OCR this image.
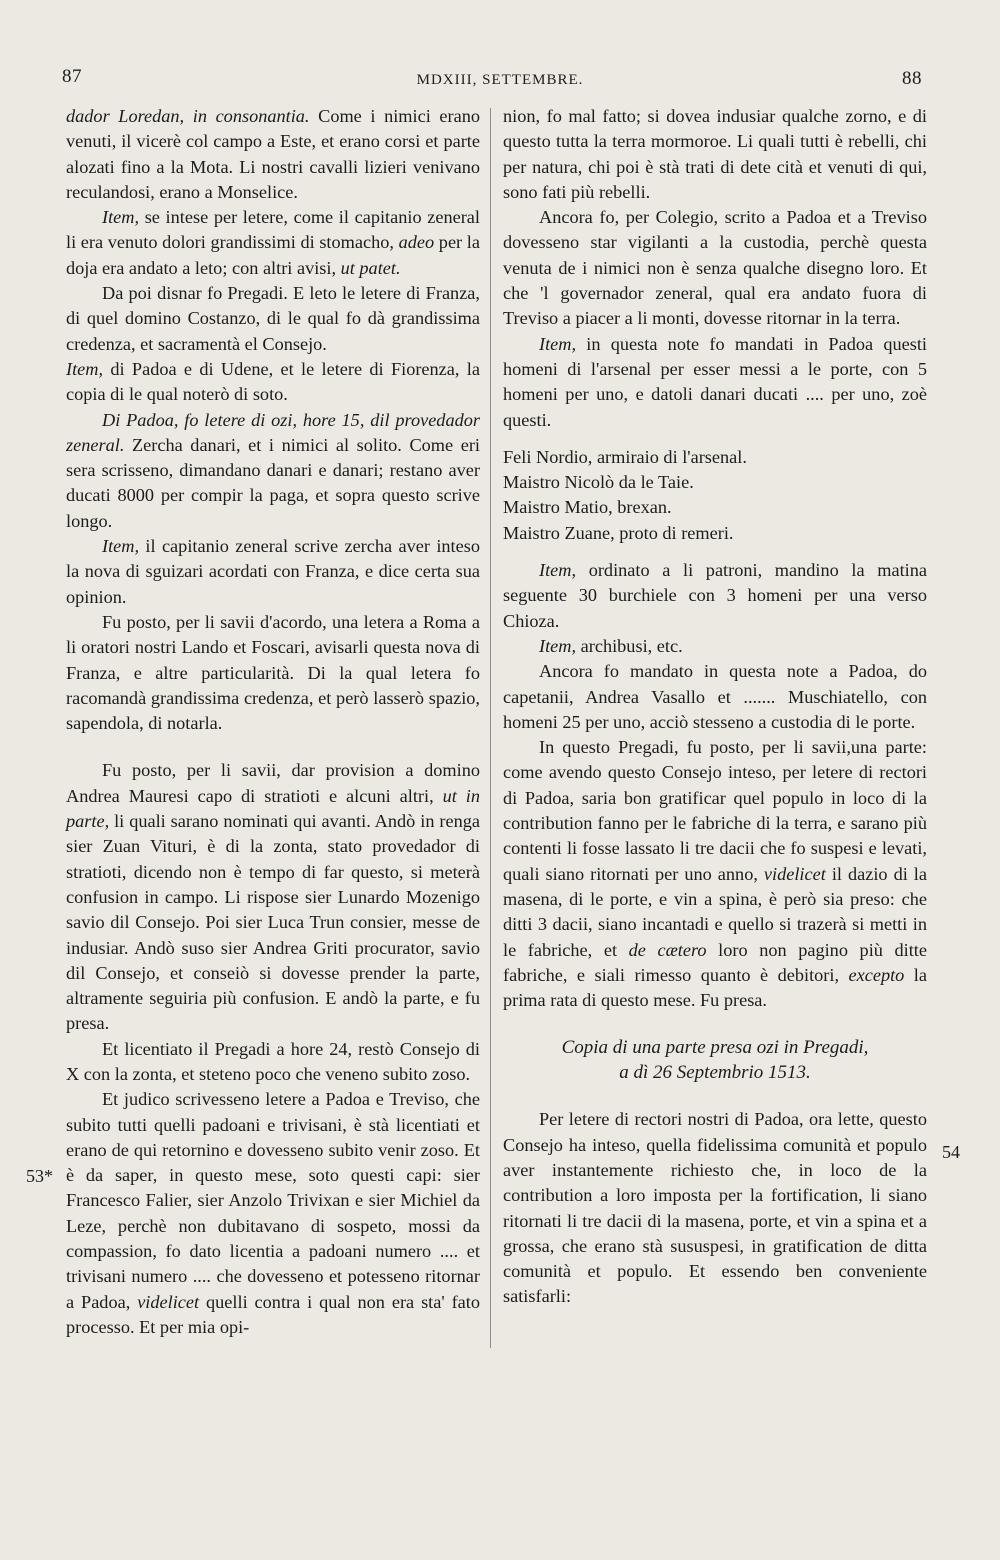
87	MDXIII, SETTEMBRE.	88
53*
54

dador Loredan, in consonantia. Come i nimici erano venuti, il vicerè col campo a Este, et erano corsi et parte alozati fino a la Mota. Li nostri cavalli lizieri venivano reculandosi, erano a Monselice.

Item, se intese per letere, come il capitanio zeneral li era venuto dolori grandissimi di stomacho, adeo per la doja era andato a leto; con altri avisi, ut patet.

Da poi disnar fo Pregadi. E leto le letere di Franza, di quel domino Costanzo, di le qual fo dà grandissima credenza, et sacramentà el Consejo.

Item, di Padoa e di Udene, et le letere di Fiorenza, la copia di le qual noterò di soto.

Di Padoa, fo letere di ozi, hore 15, dil provedador zeneral. Zercha danari, et i nimici al solito. Come eri sera scrisseno, dimandano danari e danari; restano aver ducati 8000 per compir la paga, et sopra questo scrive longo.

Item, il capitanio zeneral scrive zercha aver inteso la nova di sguizari acordati con Franza, e dice certa sua opinion.

Fu posto, per li savii d'acordo, una letera a Roma a li oratori nostri Lando et Foscari, avisarli questa nova di Franza, e altre particularità. Di la qual letera fo racomandà grandissima credenza, et però lasserò spazio, sapendola, di notarla.

Fu posto, per li savii, dar provision a domino Andrea Mauresi capo di stratioti e alcuni altri, ut in parte, li quali sarano nominati qui avanti. Andò in renga sier Zuan Vituri, è di la zonta, stato provedador di stratioti, dicendo non è tempo di far questo, si meterà confusion in campo. Li rispose sier Lunardo Mozenigo savio dil Consejo. Poi sier Luca Trun consier, messe de indusiar. Andò suso sier Andrea Griti procurator, savio dil Consejo, et conseiò si dovesse prender la parte, altramente seguiria più confusion. E andò la parte, e fu presa.

Et licentiato il Pregadi a hore 24, restò Consejo di X con la zonta, et steteno poco che veneno subito zoso.

Et judico scrivesseno letere a Padoa e Treviso, che subito tutti quelli padoani e trivisani, è stà licentiati et erano de qui retornino e dovesseno subito venir zoso. Et è da saper, in questo mese, soto questi capi: sier Francesco Falier, sier Anzolo Trivixan e sier Michiel da Leze, perchè non dubitavano di sospeto, mossi da compassion, fo dato licentia a padoani numero .... et trivisani numero .... che dovesseno et potesseno ritornar a Padoa, videlicet quelli contra i qual non era sta' fato processo. Et per mia opi-

nion, fo mal fatto; si dovea indusiar qualche zorno, e di questo tutta la terra mormoroe. Li quali tutti è rebelli, chi per natura, chi poi è stà trati di dete cità et venuti di qui, sono fati più rebelli.

Ancora fo, per Colegio, scrito a Padoa et a Treviso dovesseno star vigilanti a la custodia, perchè questa venuta de i nimici non è senza qualche disegno loro. Et che 'l governador zeneral, qual era andato fuora di Treviso a piacer a li monti, dovesse ritornar in la terra.

Item, in questa note fo mandati in Padoa questi homeni di l'arsenal per esser messi a le porte, con 5 homeni per uno, e datoli danari ducati .... per uno, zoè questi.

Feli Nordio, armiraio di l'arsenal.

Maistro Nicolò da le Taie.

Maistro Matio, brexan.

Maistro Zuane, proto di remeri.

Item, ordinato a li patroni, mandino la matina seguente 30 burchiele con 3 homeni per una verso Chioza.

Item, archibusi, etc.

Ancora fo mandato in questa note a Padoa, do capetanii, Andrea Vasallo et ....... Muschiatello, con homeni 25 per uno, acciò stesseno a custodia di le porte.

In questo Pregadi, fu posto, per li savii,una parte: come avendo questo Consejo inteso, per letere di rectori di Padoa, saria bon gratificar quel populo in loco di la contribution fanno per le fabriche di la terra, e sarano più contenti li fosse lassato li tre dacii che fo suspesi e levati, quali siano ritornati per uno anno, videlicet il dazio di la masena, di le porte, e vin a spina, è però sia preso: che ditti 3 dacii, siano incantadi e quello si trazerà si metti in le fabriche, et de cætero loro non pagino più ditte fabriche, e siali rimesso quanto è debitori, excepto la prima rata di questo mese. Fu presa.

Copia di una parte presa ozi in Pregadi,

a dì 26 Septembrio 1513.

Per letere di rectori nostri di Padoa, ora lette, questo Consejo ha inteso, quella fidelissima comunità et populo aver instantemente richiesto che, in loco de la contribution a loro imposta per la fortification, li siano ritornati li tre dacii di la masena, porte, et vin a spina et a grossa, che erano stà sususpesi, in gratification de ditta comunità et populo. Et essendo ben conveniente satisfarli:
